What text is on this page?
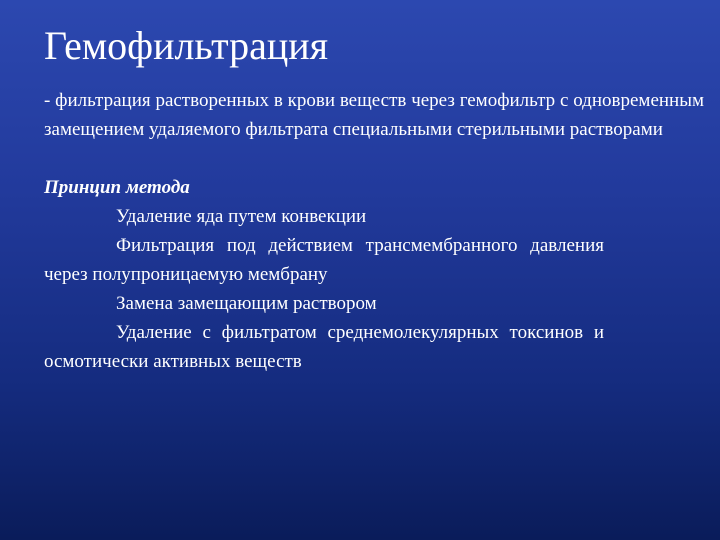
Гемофильтрация

- фильтрация растворенных в крови веществ через гемофильтр с одновременным замещением удаляемого фильтрата специальными стерильными растворами

Принцип метода

Удаление яда путем конвекции
Фильтрация под действием трансмембранного давления через полупроницаемую мембрану
Замена замещающим раствором
Удаление с фильтратом среднемолекулярных токсинов и осмотически активных веществ
